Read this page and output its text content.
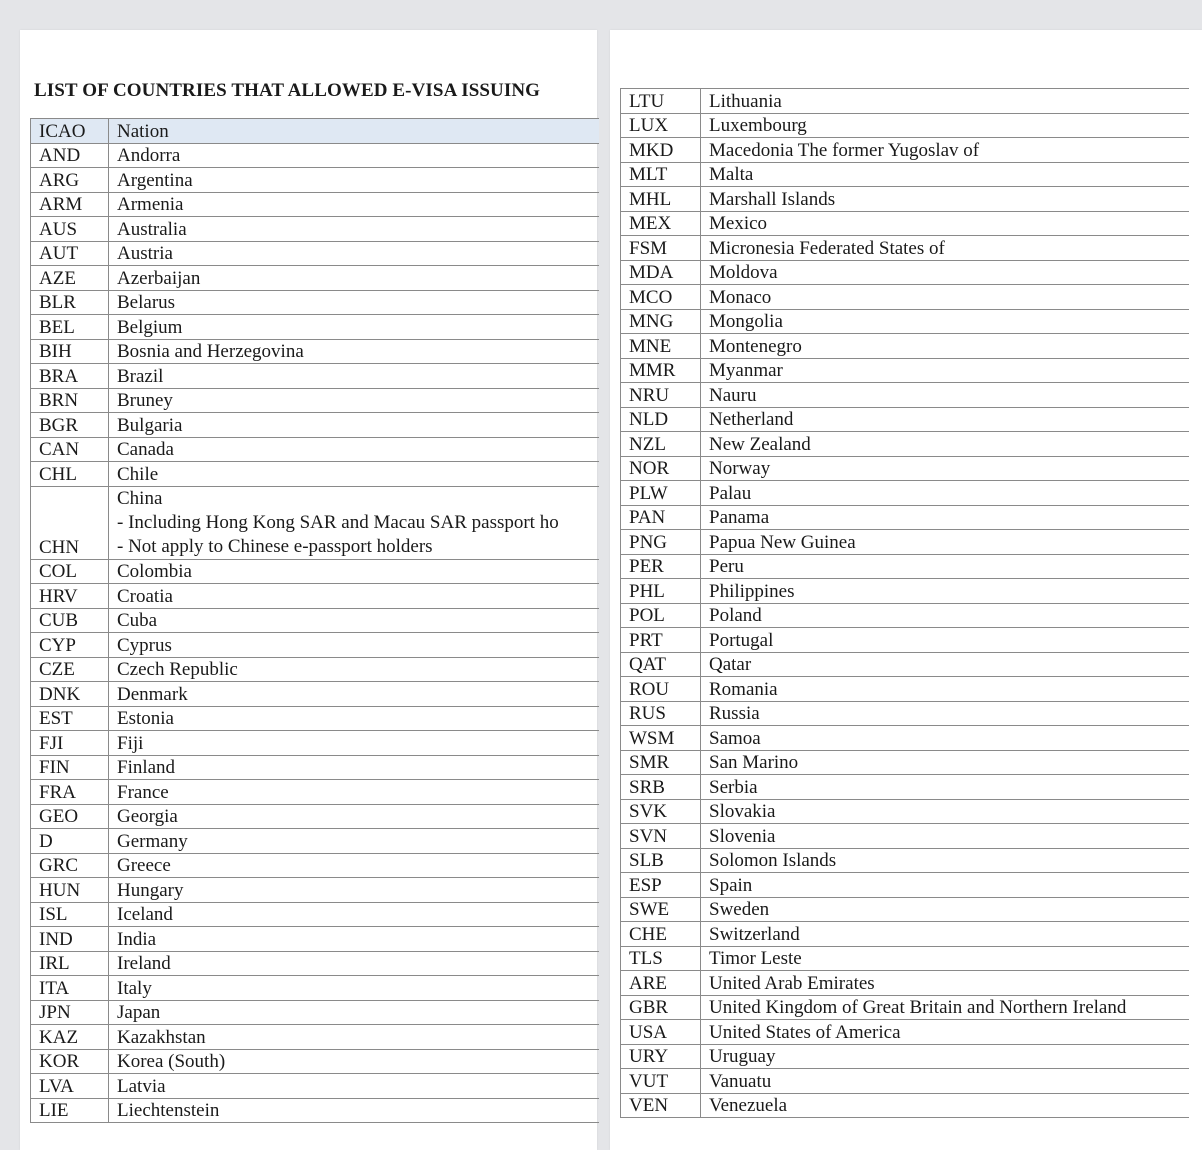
LIST OF COUNTRIES THAT ALLOWED E-VISA ISSUING
ICAO	Nation
AND	Andorra
ARG	Argentina
ARM	Armenia
AUS	Australia
AUT	Austria
AZE	Azerbaijan
BLR	Belarus
BEL	Belgium
BIH	Bosnia and Herzegovina
BRA	Brazil
BRN	Bruney
BGR	Bulgaria
CAN	Canada
CHL	Chile
CHN	China
- Including Hong Kong SAR and Macau SAR passport ho
- Not apply to Chinese e-passport holders

COL	Colombia
HRV	Croatia
CUB	Cuba
CYP	Cyprus
CZE	Czech Republic
DNK	Denmark
EST	Estonia
FJI	Fiji
FIN	Finland
FRA	France
GEO	Georgia
D	Germany
GRC	Greece
HUN	Hungary
ISL	Iceland
IND	India
IRL	Ireland
ITA	Italy
JPN	Japan
KAZ	Kazakhstan
KOR	Korea (South)
LVA	Latvia
LIE	Liechtenstein
LTU	Lithuania
LUX	Luxembourg
MKD	Macedonia The former Yugoslav of
MLT	Malta
MHL	Marshall Islands
MEX	Mexico
FSM	Micronesia Federated States of
MDA	Moldova
MCO	Monaco
MNG	Mongolia
MNE	Montenegro
MMR	Myanmar
NRU	Nauru
NLD	Netherland
NZL	New Zealand
NOR	Norway
PLW	Palau
PAN	Panama
PNG	Papua New Guinea
PER	Peru
PHL	Philippines
POL	Poland
PRT	Portugal
QAT	Qatar
ROU	Romania
RUS	Russia
WSM	Samoa
SMR	San Marino
SRB	Serbia
SVK	Slovakia
SVN	Slovenia
SLB	Solomon Islands
ESP	Spain
SWE	Sweden
CHE	Switzerland
TLS	Timor Leste
ARE	United Arab Emirates
GBR	United Kingdom of Great Britain and Northern Ireland
USA	United States of America
URY	Uruguay
VUT	Vanuatu
VEN	Venezuela
